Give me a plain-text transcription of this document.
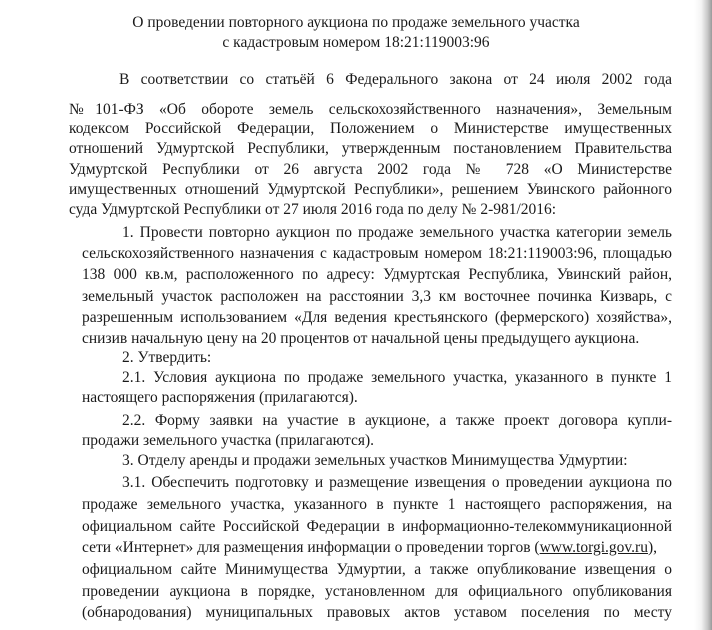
О проведении повторного аукциона по продаже земельного участка
с кадастровым номером 18:21:119003:96
В соответствии со статьёй 6 Федерального закона от 24 июля 2002 года
№101-ФЗ «Об обороте земель сельскохозяйственного назначения», Земельным
кодексом Российской Федерации, Положением о Министерстве имущественных
отношений Удмуртской Республики, утвержденным постановлением Правительства
Удмуртской Республики от 26 августа 2002 года № 728 «О Министерстве
имущественных отношений Удмуртской Республики», решением Увинского районного
суда Удмуртской Республики от 27 июля 2016 года по делу № 2-981/2016:
1. Провести повторно аукцион по продаже земельного участка категории земель
сельскохозяйственного назначения с кадастровым номером 18:21:119003:96, площадью
138 000 кв.м, расположенного по адресу: Удмуртская Республика, Увинский район,
земельный участок расположен на расстоянии 3,3 км восточнее починка Кизварь, с
разрешенным использованием «Для ведения крестьянского (фермерского) хозяйства»,
снизив начальную цену на 20 процентов от начальной цены предыдущего аукциона.
2. Утвердить:
2.1. Условия аукциона по продаже земельного участка, указанного в пункте 1
настоящего распоряжения (прилагаются).
2.2. Форму заявки на участие в аукционе, а также проект договора купли-
продажи земельного участка (прилагаются).
3. Отделу аренды и продажи земельных участков Минимущества Удмуртии:
3.1. Обеспечить подготовку и размещение извещения о проведении аукциона по
продаже земельного участка, указанного в пункте 1 настоящего распоряжения, на
официальном сайте Российской Федерации в информационно-телекоммуникационной
сети «Интернет» для размещения информации о проведении торгов (www.torgi.gov.ru),
официальном сайте Минимущества Удмуртии, а также опубликование извещения о
проведении аукциона в порядке, установленном для официального опубликования
(обнародования) муниципальных правовых актов уставом поселения по месту
